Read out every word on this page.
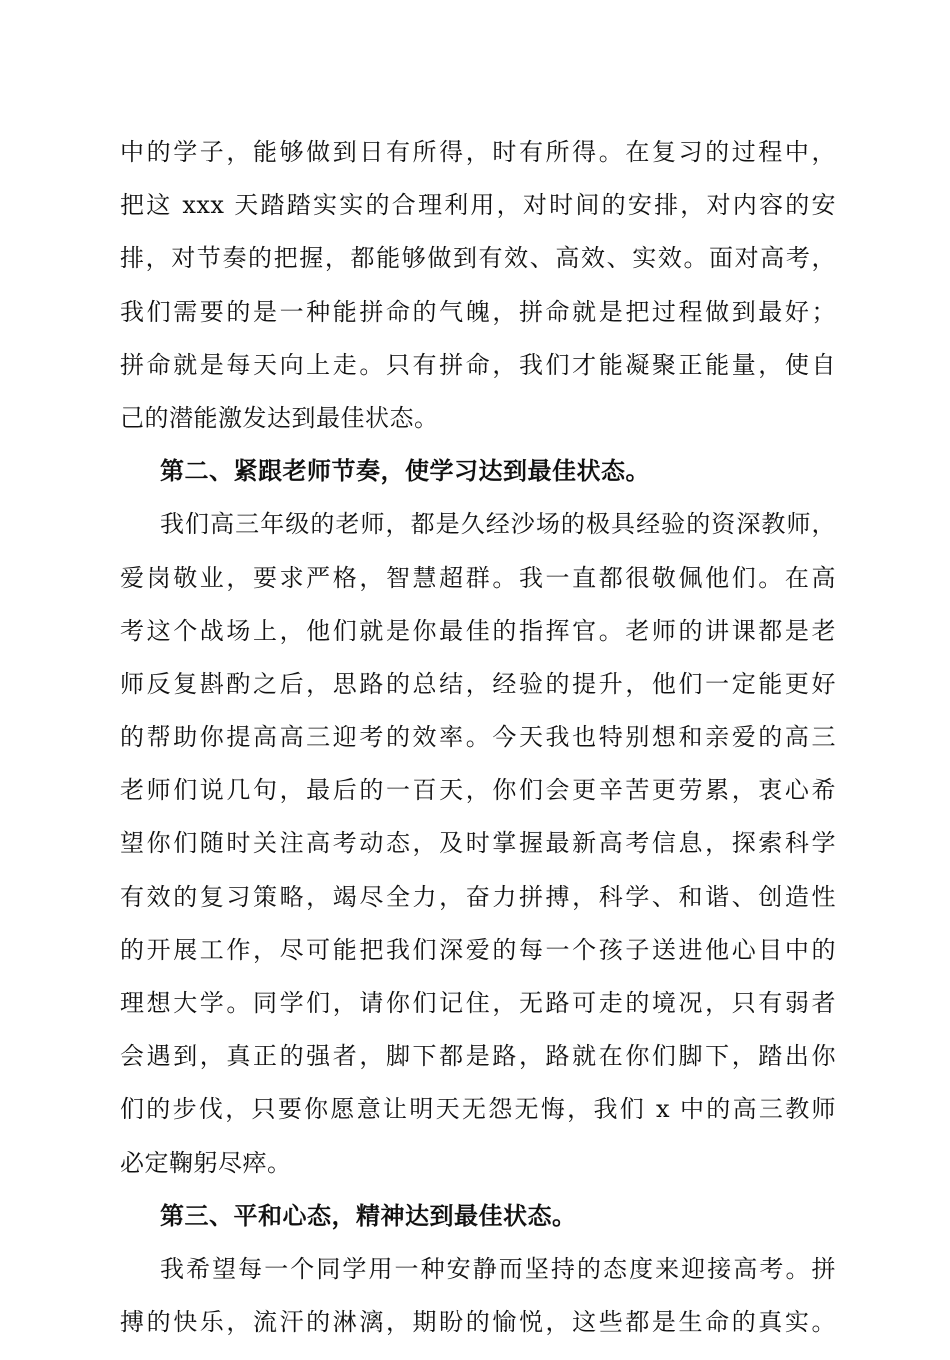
中的学子，能够做到日有所得，时有所得。在复习的过程中，
把这 xxx 天踏踏实实的合理利用，对时间的安排，对内容的安
排，对节奏的把握，都能够做到有效、高效、实效。面对高考，
我们需要的是一种能拼命的气魄，拼命就是把过程做到最好；
拼命就是每天向上走。只有拼命，我们才能凝聚正能量，使自
己的潜能激发达到最佳状态。
第二、紧跟老师节奏，使学习达到最佳状态。
我们高三年级的老师，都是久经沙场的极具经验的资深教师，
爱岗敬业，要求严格，智慧超群。我一直都很敬佩他们。在高
考这个战场上，他们就是你最佳的指挥官。老师的讲课都是老
师反复斟酌之后，思路的总结，经验的提升，他们一定能更好
的帮助你提高高三迎考的效率。今天我也特别想和亲爱的高三
老师们说几句，最后的一百天，你们会更辛苦更劳累，衷心希
望你们随时关注高考动态，及时掌握最新高考信息，探索科学
有效的复习策略，竭尽全力，奋力拼搏，科学、和谐、创造性
的开展工作，尽可能把我们深爱的每一个孩子送进他心目中的
理想大学。同学们，请你们记住，无路可走的境况，只有弱者
会遇到，真正的强者，脚下都是路，路就在你们脚下，踏出你
们的步伐，只要你愿意让明天无怨无悔，我们 x 中的高三教师
必定鞠躬尽瘁。
第三、平和心态，精神达到最佳状态。
我希望每一个同学用一种安静而坚持的态度来迎接高考。拼
搏的快乐，流汗的淋漓，期盼的愉悦，这些都是生命的真实。
